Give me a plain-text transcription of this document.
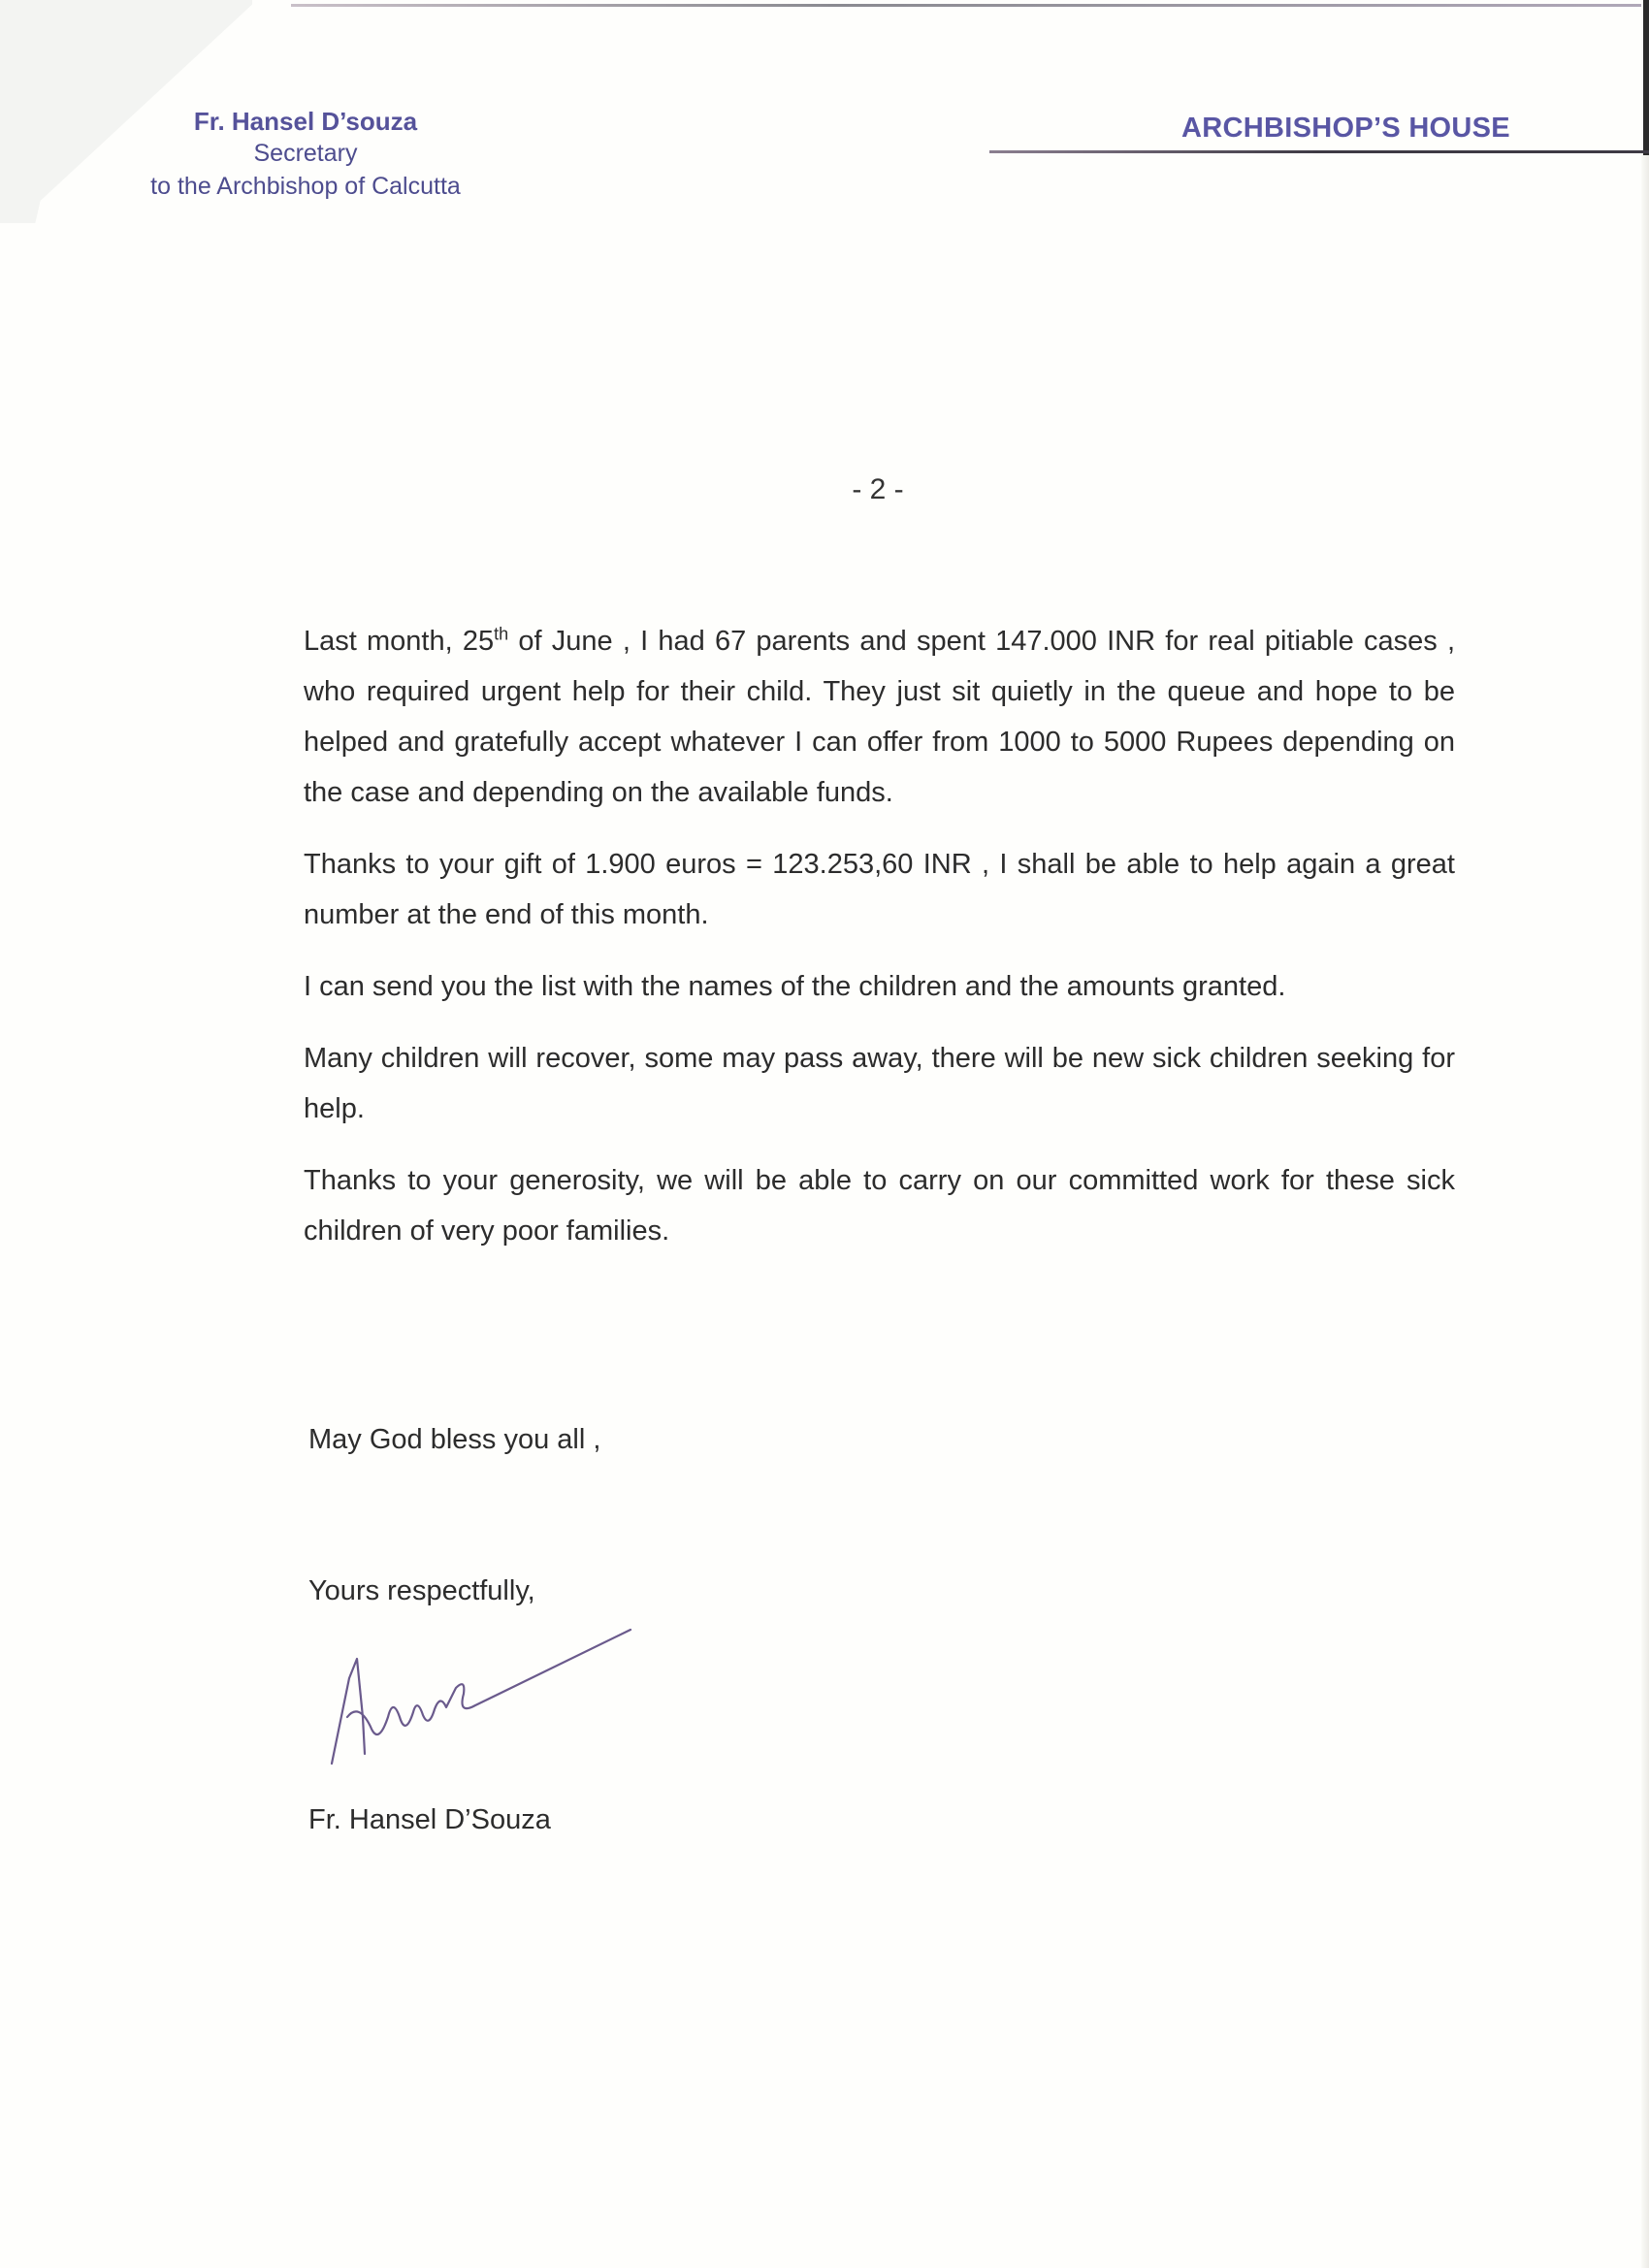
Fr. Hansel D’souza
Secretary
to the Archbishop of Calcutta
ARCHBISHOP’S HOUSE
- 2 -

Last month, 25th of June , I had 67 parents and spent 147.000 INR for real pitiable cases , who required urgent help for their child. They just sit quietly in the queue and hope to be helped and gratefully accept whatever I can offer from 1000 to 5000 Rupees depending on the case and depending on the available funds.

Thanks to your gift of 1.900 euros = 123.253,60 INR , I shall be able to help again a great number at the end of this month.

I can send you the list with the names of the children and the amounts granted.

Many children will recover, some may pass away, there will be new sick children seeking for help.

Thanks to your generosity, we will be able to carry on our committed work for these sick children of very poor families.

May God bless you all ,
Yours respectfully,
Fr. Hansel D’Souza
